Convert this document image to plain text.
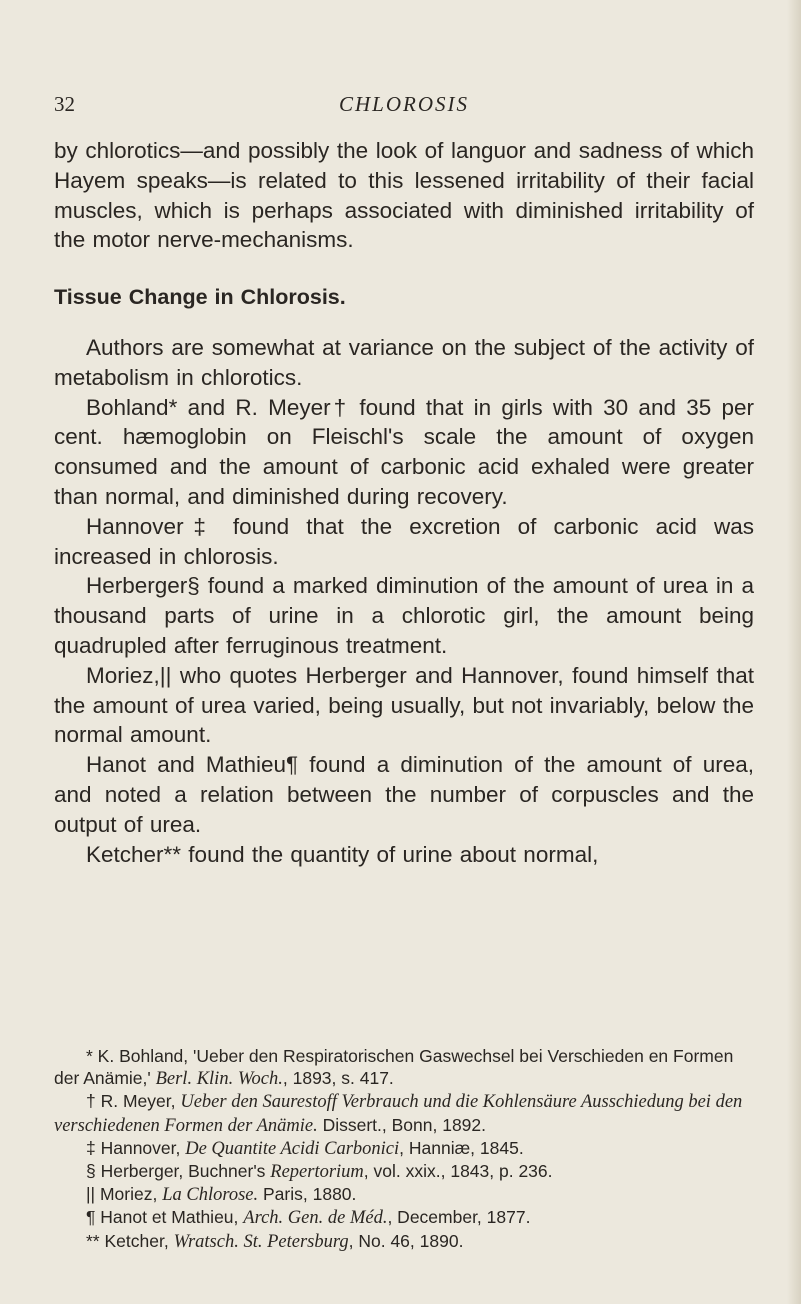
32	CHLOROSIS

by chlorotics—and possibly the look of languor and sadness of which Hayem speaks—is related to this lessened irritability of their facial muscles, which is perhaps associated with diminished irritability of the motor nerve-mechanisms.

Tissue Change in Chlorosis.

Authors are somewhat at variance on the subject of the activity of metabolism in chlorotics.

Bohland* and R. Meyer† found that in girls with 30 and 35 per cent. hæmoglobin on Fleischl's scale the amount of oxygen consumed and the amount of carbonic acid exhaled were greater than normal, and diminished during recovery.

Hannover‡ found that the excretion of carbonic acid was increased in chlorosis.

Herberger§ found a marked diminution of the amount of urea in a thousand parts of urine in a chlorotic girl, the amount being quadrupled after ferruginous treatment.

Moriez,|| who quotes Herberger and Hannover, found himself that the amount of urea varied, being usually, but not invariably, below the normal amount.

Hanot and Mathieu¶ found a diminution of the amount of urea, and noted a relation between the number of corpuscles and the output of urea.

Ketcher** found the quantity of urine about normal,

* K. Bohland, 'Ueber den Respiratorischen Gaswechsel bei Verschieden en Formen der Anämie,' Berl. Klin. Woch., 1893, s. 417.

† R. Meyer, Ueber den Saurestoff Verbrauch und die Kohlensäure Ausschiedung bei den verschiedenen Formen der Anämie. Dissert., Bonn, 1892.

‡ Hannover, De Quantite Acidi Carbonici, Hanniæ, 1845.

§ Herberger, Buchner's Repertorium, vol. xxix., 1843, p. 236.

|| Moriez, La Chlorose. Paris, 1880.

¶ Hanot et Mathieu, Arch. Gen. de Méd., December, 1877.

** Ketcher, Wratsch. St. Petersburg, No. 46, 1890.
